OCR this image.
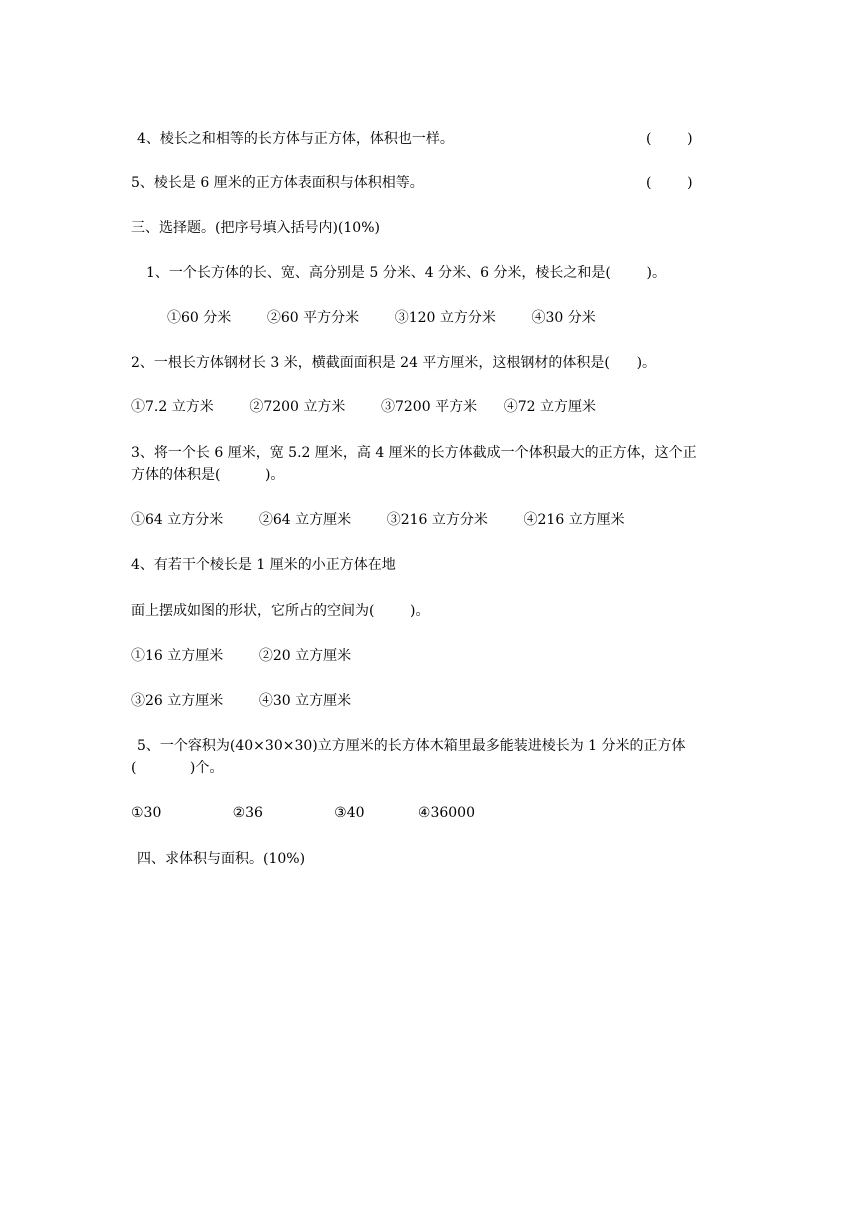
4、棱长之和相等的长方体与正方体，体积也一样。	(        )
5、棱长是 6 厘米的正方体表面积与体积相等。	(        )
三、选择题。(把序号填入括号内)(10%)
1、一个长方体的长、宽、高分别是 5 分米、4 分米、6 分米，棱长之和是(        )。
①60 分米        ②60 平方分米        ③120 立方分米        ④30 分米
2、一根长方体钢材长 3 米，横截面面积是 24 平方厘米，这根钢材的体积是(      )。
①7.2 立方米        ②7200 立方米        ③7200 平方米      ④72 立方厘米
3、将一个长 6 厘米，宽 5.2 厘米，高 4 厘米的长方体截成一个体积最大的正方体，这个正
方体的体积是(          )。
①64 立方分米        ②64 立方厘米        ③216 立方分米        ④216 立方厘米
4、有若干个棱长是 1 厘米的小正方体在地
面上摆成如图的形状，它所占的空间为(        )。
①16 立方厘米        ②20 立方厘米
③26 立方厘米        ④30 立方厘米
5、一个容积为(40×30×30)立方厘米的长方体木箱里最多能装进棱长为 1 分米的正方体
(            )个。
①30                ②36                ③40            ④36000
四、求体积与面积。(10%)
